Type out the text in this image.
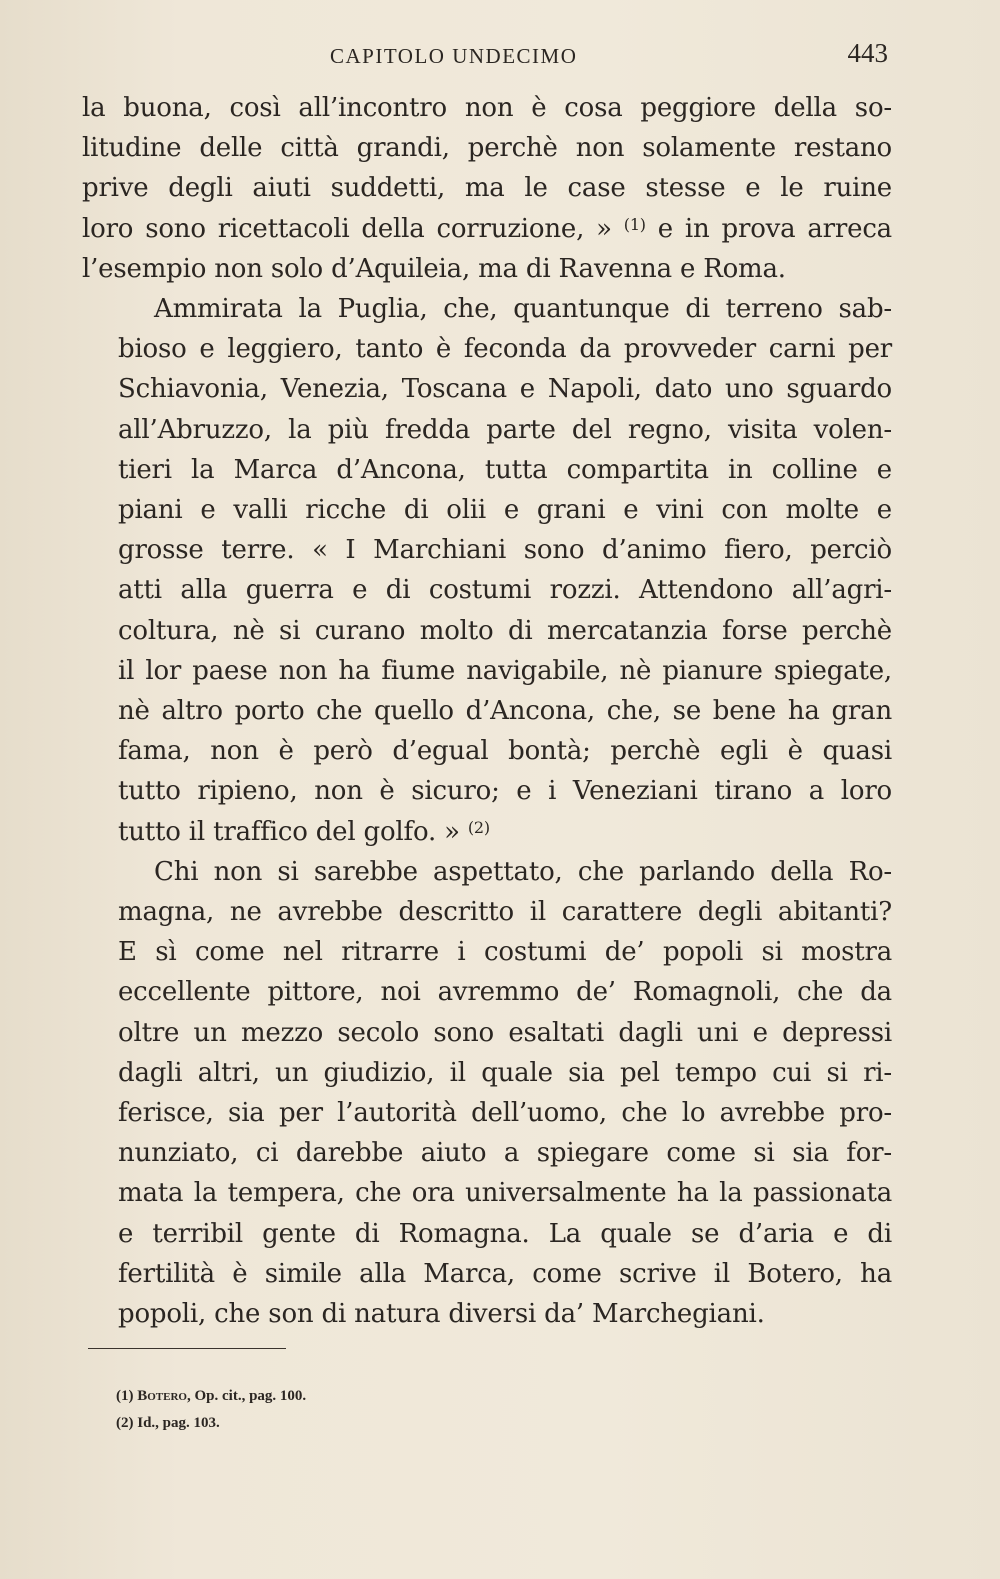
CAPITOLO UNDECIMO	443

la buona, così all’incontro non è cosa peggiore della so-
litudine delle città grandi, perchè non solamente restano
prive degli aiuti suddetti, ma le case stesse e le ruine
loro sono ricettacoli della corruzione, » $^{(1)}$ e in prova arreca
l’esempio non solo d’Aquileia, ma di Ravenna e Roma.

Ammirata la Puglia, che, quantunque di terreno sab-
bioso e leggiero, tanto è feconda da provveder carni per
Schiavonia, Venezia, Toscana e Napoli, dato uno sguardo
all’Abruzzo, la più fredda parte del regno, visita volen-
tieri la Marca d’Ancona, tutta compartita in colline e
piani e valli ricche di olii e grani e vini con molte e
grosse terre. « I Marchiani sono d’animo fiero, perciò
atti alla guerra e di costumi rozzi. Attendono all’agri-
coltura, nè si curano molto di mercatanzia forse perchè
il lor paese non ha fiume navigabile, nè pianure spiegate,
nè altro porto che quello d’Ancona, che, se bene ha gran
fama, non è però d’egual bontà; perchè egli è quasi
tutto ripieno, non è sicuro; e i Veneziani tirano a loro
tutto il traffico del golfo. » $^{(2)}$

Chi non si sarebbe aspettato, che parlando della Ro-
magna, ne avrebbe descritto il carattere degli abitanti?
E sì come nel ritrarre i costumi de’ popoli si mostra
eccellente pittore, noi avremmo de’ Romagnoli, che da
oltre un mezzo secolo sono esaltati dagli uni e depressi
dagli altri, un giudizio, il quale sia pel tempo cui si ri-
ferisce, sia per l’autorità dell’uomo, che lo avrebbe pro-
nunziato, ci darebbe aiuto a spiegare come si sia for-
mata la tempera, che ora universalmente ha la passionata
e terribil gente di Romagna. La quale se d’aria e di
fertilità è simile alla Marca, come scrive il Botero, ha
popoli, che son di natura diversi da’ Marchegiani.

(1) Botero, Op. cit., pag. 100.
(2) Id., pag. 103.
